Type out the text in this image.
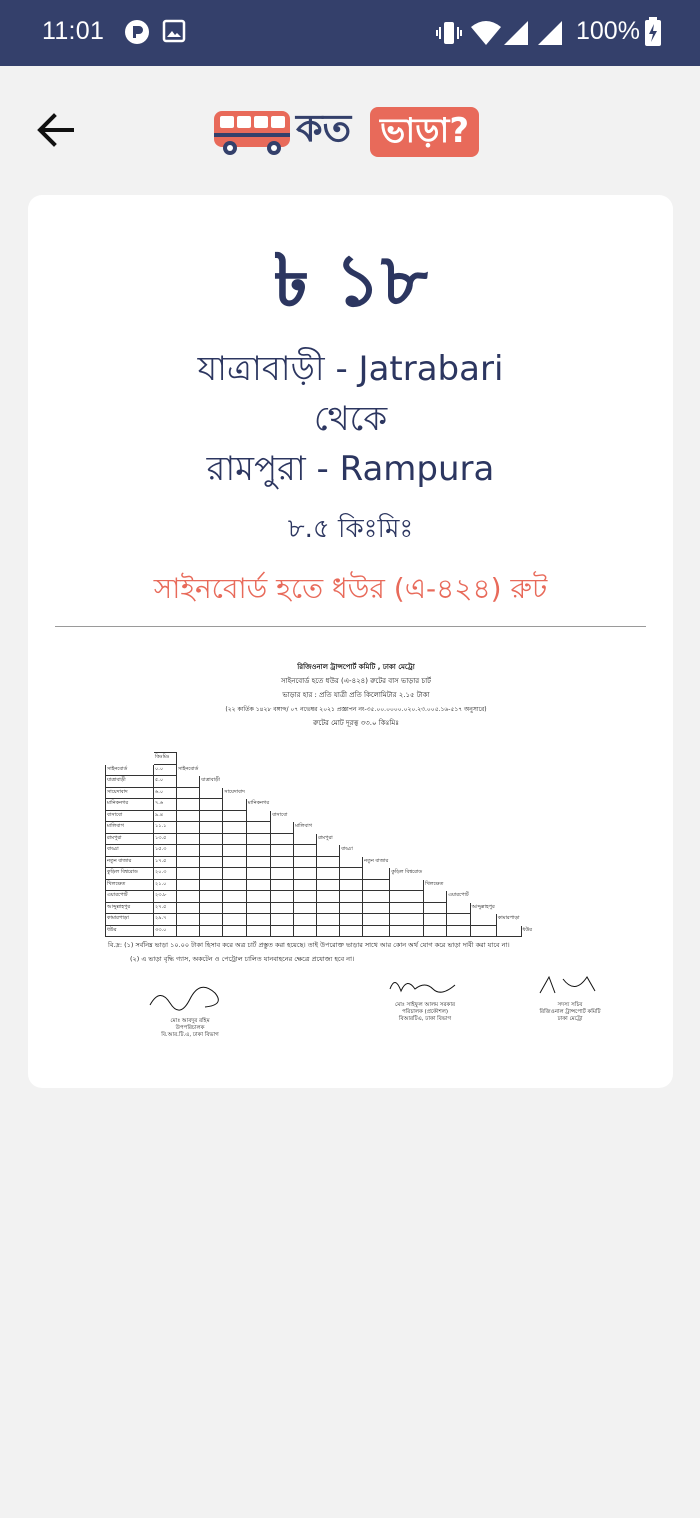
11:01	100%
কত ভাড়া?
৳ ১৮
যাত্রাবাড়ী - Jatrabari
থেকে
রামপুরা - Rampura
৮.৫ কিঃমিঃ
সাইনবোর্ড হতে ধউর (এ-৪২৪) রুট
রিজিওনাল ট্রান্সপোর্ট কমিটি , ঢাকা মেট্রো
সাইনবোর্ড হতে ধউর (এ-৪২৪) রুটের বাস ভাড়ার চার্ট
ভাড়ার হার : প্রতি যাত্রী প্রতি কিলোমিটার ২.১৫ টাকা
(২২ কার্তিক ১৪২৮ বঙ্গাব্দ/ ০৭ নভেম্বর ২০২১ প্রজ্ঞাপন নং-৩৫.০০.০০০০.০২০.২৩.০০৫.১৬-৫১৭ অনুসারে)
রুটের মোট দূরত্ব ৩৩.০ কিঃমিঃ
	কিঃমিঃ															
সাইনবোর্ড	০.০	সাইনবোর্ড														
যাত্রাবাড়ী	৫.০		যাত্রাবাড়ী													
সায়েদাবাদ	৬.০			সায়েদাবাদ												
মানিকনগর	৭.৬				মানিকনগর											
বাসাবো	৯.৪					বাসাবো										
মালিবাগ	১১.১						মালিবাগ									
রামপুরা	১৩.৫							রামপুরা								
বাড্ডা	১৫.৩								বাড্ডা							
নতুন বাজার	১৭.৫									নতুন বাজার						
কুড়িল বিশ্বরোড	২০.৩										কুড়িল বিশ্বরোড					
খিলক্ষেত	২১.০											খিলক্ষেত				
এয়ারপোর্ট	২৩.৮												এয়ারপোর্ট			
আব্দুল্লাহপুর	২৭.৫													আব্দুল্লাহপুর		
কামারপাড়া	২৯.৭														কামারপাড়া	
ধউর	৩৩.০															ধউর
বি.দ্র: (১) সর্বনিম্ন ভাড়া ১০.০০ টাকা হিসাব করে অত্র চার্ট প্রস্তুত করা হয়েছে। তাই উপরোক্ত ভাড়ার সাথে আর কোন অর্থ যোগ করে ভাড়া দাবী করা যাবে না।
(২) এ ভাড়া বৃদ্ধি গ্যাস, অকটেন ও পেট্রোল চালিত যানবাহনের ক্ষেত্রে প্রযোজ্য হবে না।
মোঃ আবদুর রহিম
উপপরিচালক
বি.আর.টি.এ, ঢাকা বিভাগ
মোঃ সাইফুল আলম সরকার
পরিচালক (প্রকৌশল)
বিআরটিএ, ঢাকা বিভাগ
সদস্য সচিব
রিজিওনাল ট্রান্সপোর্ট কমিটি
ঢাকা মেট্রো
